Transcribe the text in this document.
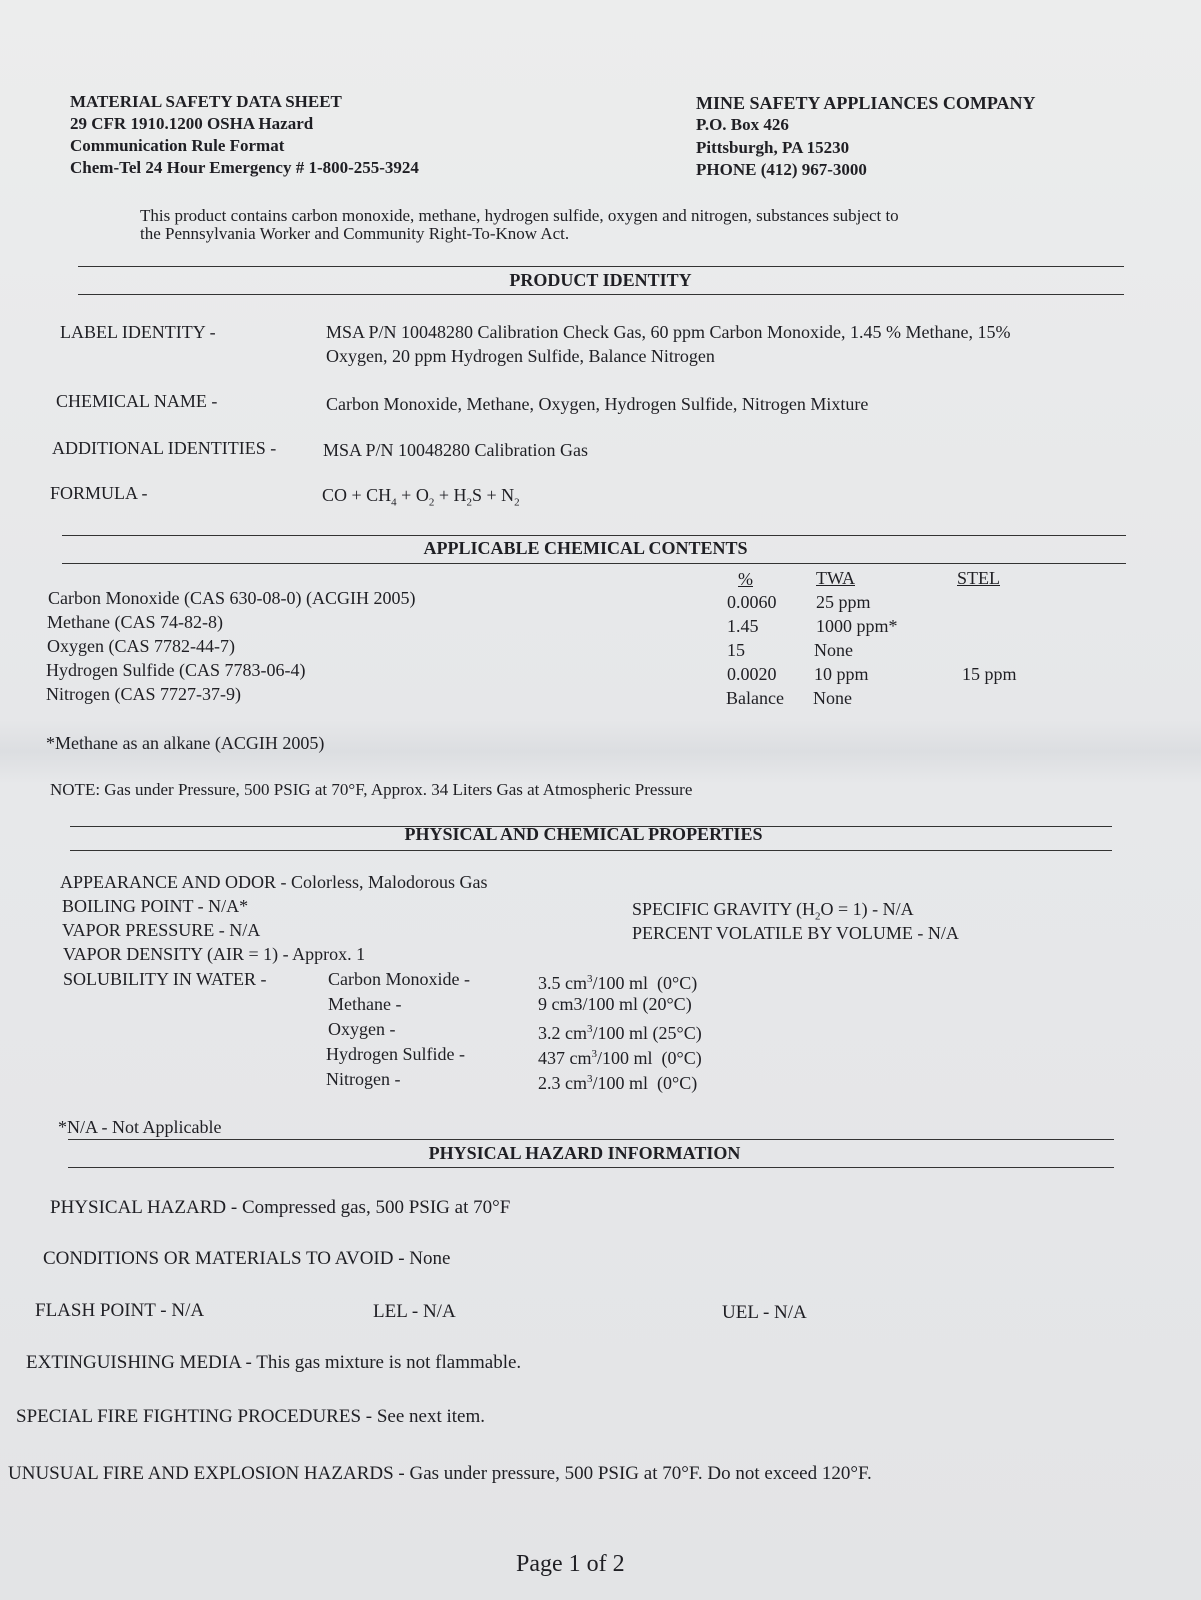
MATERIAL SAFETY DATA SHEET
29 CFR 1910.1200 OSHA Hazard
Communication Rule Format
Chem-Tel 24 Hour Emergency # 1-800-255-3924
MINE SAFETY APPLIANCES COMPANY
P.O. Box 426
Pittsburgh, PA 15230
PHONE (412) 967-3000
This product contains carbon monoxide, methane, hydrogen sulfide, oxygen and nitrogen, substances subject to
the Pennsylvania Worker and Community Right-To-Know Act.
PRODUCT IDENTITY
LABEL IDENTITY -	MSA P/N 10048280 Calibration Check Gas, 60 ppm Carbon Monoxide, 1.45 % Methane, 15%
Oxygen, 20 ppm Hydrogen Sulfide, Balance Nitrogen
CHEMICAL NAME -	Carbon Monoxide, Methane, Oxygen, Hydrogen Sulfide, Nitrogen Mixture
ADDITIONAL IDENTITIES -	MSA P/N 10048280 Calibration Gas
FORMULA -	CO + $CH_4 + O_2 + H_2S + N_2$
APPLICABLE CHEMICAL CONTENTS
%	TWA	STEL
Carbon Monoxide (CAS 630-08-0) (ACGIH 2005)	0.0060 25 ppm
Methane (CAS 74-82-8)	1.45	1000 ppm*
Oxygen (CAS 7782-44-7)	15	None
Hydrogen Sulfide (CAS 7783-06-4)	0.0020 10 ppm	15 ppm
Nitrogen (CAS 7727-37-9)	Balance None
*Methane as an alkane (ACGIH 2005)
NOTE: Gas under Pressure, 500 PSIG at 70°F, Approx. 34 Liters Gas at Atmospheric Pressure
PHYSICAL AND CHEMICAL PROPERTIES
APPEARANCE AND ODOR - Colorless, Malodorous Gas
BOILING POINT - N/A*
VAPOR PRESSURE - N/A
VAPOR DENSITY (AIR = 1) - Approx. 1
SOLUBILITY IN WATER -
SPECIFIC GRAVITY $(H_2O = 1) - N/A$
PERCENT VOLATILE BY VOLUME - N/A
Carbon Monoxide -	3.5 $cm^3/100$ ml  (0°C)
Methane -	9 cm3/100 ml (20°C)
Oxygen -	3.2 $cm^3/100$ ml (25°C)
Hydrogen Sulfide -	437 $cm^3/100$ ml  (0°C)
Nitrogen -	2.3 $cm^3/100$ ml  (0°C)
*N/A - Not Applicable
PHYSICAL HAZARD INFORMATION
PHYSICAL HAZARD - Compressed gas, 500 PSIG at 70°F
CONDITIONS OR MATERIALS TO AVOID - None
FLASH POINT - N/A	LEL - N/A	UEL - N/A
EXTINGUISHING MEDIA - This gas mixture is not flammable.
SPECIAL FIRE FIGHTING PROCEDURES - See next item.
UNUSUAL FIRE AND EXPLOSION HAZARDS - Gas under pressure, 500 PSIG at 70°F. Do not exceed 120°F.
Page 1 of 2
